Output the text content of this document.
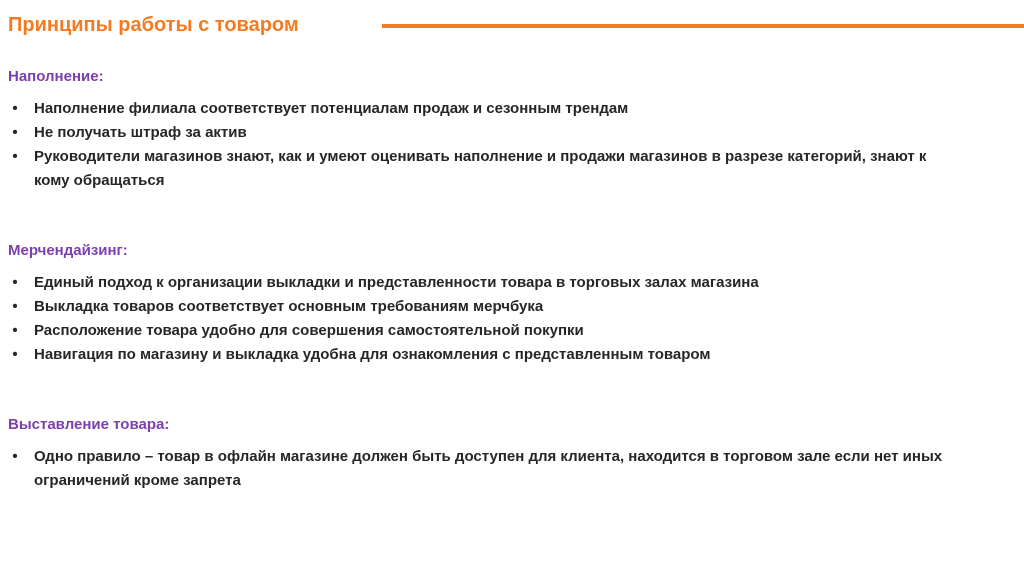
Принципы работы с товаром
Наполнение:
• Наполнение филиала соответствует потенциалам продаж и сезонным трендам
• Не получать штраф за актив
• Руководители магазинов знают, как и умеют оценивать наполнение и продажи магазинов в разрезе категорий, знают к кому обращаться
Мерчендайзинг:
• Единый подход к организации выкладки и представленности товара в торговых залах магазина
• Выкладка товаров соответствует основным требованиям мерчбука
• Расположение товара удобно для совершения самостоятельной покупки
• Навигация по магазину и выкладка удобна для ознакомления с представленным товаром
Выставление товара:
• Одно правило – товар в офлайн магазине должен быть доступен для клиента, находится в торговом зале если нет иных ограничений кроме запрета
